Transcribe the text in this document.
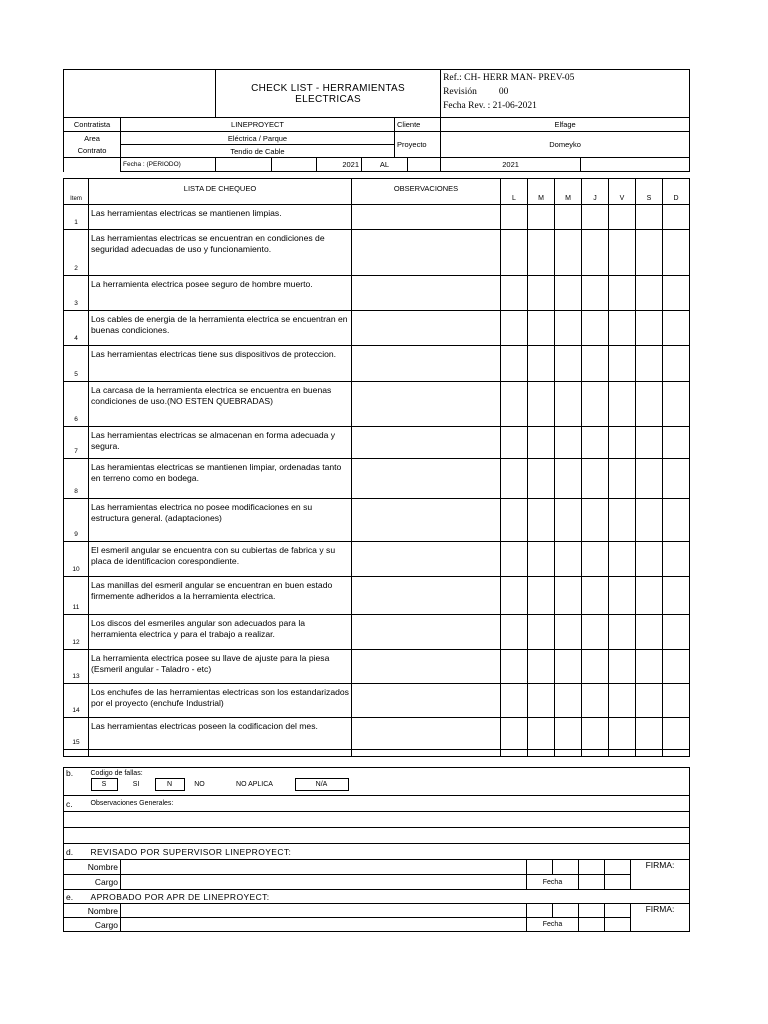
		CHECK LIST - HERRAMIENTAS ELECTRICAS						Ref.: CH- HERR MAN- PREV-05
Revisión 00
Fecha Rev. : 21-06-2021	

Contratista	LINEPROYECT					Cliente		Elfage	
Area	Eléctrica / Parque					Proyecto		Domeyko	
Contrato	Tendio de Cable								
	Fecha : (PERIODO)			2021	AL			2021	
Item	LISTA DE CHEQUEO	OBSERVACIONES	L	M	M	J	V	S	D
1	Las herramientas electricas se mantienen limpias.								
2	Las herramientas electricas se encuentran en condiciones de seguridad adecuadas de uso y funcionamiento.								
3	La herramienta electrica posee seguro de hombre muerto.								
4	Los cables de energia de la herramienta electrica se encuentran en buenas condiciones.								
5	Las herramientas electricas tiene sus dispositivos de proteccion.								
6	La carcasa de la herramienta electrica se encuentra en buenas condiciones de uso.(NO ESTEN QUEBRADAS)								
7	Las herramientas electricas se almacenan en forma adecuada y segura.								
8	Las heramientas electricas se mantienen limpiar, ordenadas tanto en terreno como en bodega.								
9	Las herramientas electrica no posee modificaciones en su estructura general. (adaptaciones)								
10	El esmeril angular se encuentra con su cubiertas de fabrica y su placa de identificacion corespondiente.								
11	Las manillas del esmeril angular se encuentran en buen estado firmemente adheridos a la herramienta electrica.								
12	Los discos del esmeriles angular son adecuados para la herramienta electrica y para el trabajo a realizar.								
13	La herramienta electrica posee su llave de ajuste para la piesa (Esmeril angular - Taladro - etc)								
14	Los enchufes de las herramientas electricas son los estandarizados por el proyecto (enchufe Industrial)								
15	Las herramientas electricas poseen la codificacion del mes.								

b.	Codigo de fallas:
S SI N NO NO APLICA N/A						

c.	Observaciones Generales:						

d.	REVISADO POR SUPERVISOR LINEPROYECT:						
Nombre							FIRMA:
Cargo			Fecha				
e.	APROBADO POR APR DE LINEPROYECT:						
Nombre							FIRMA:
Cargo			Fecha				
